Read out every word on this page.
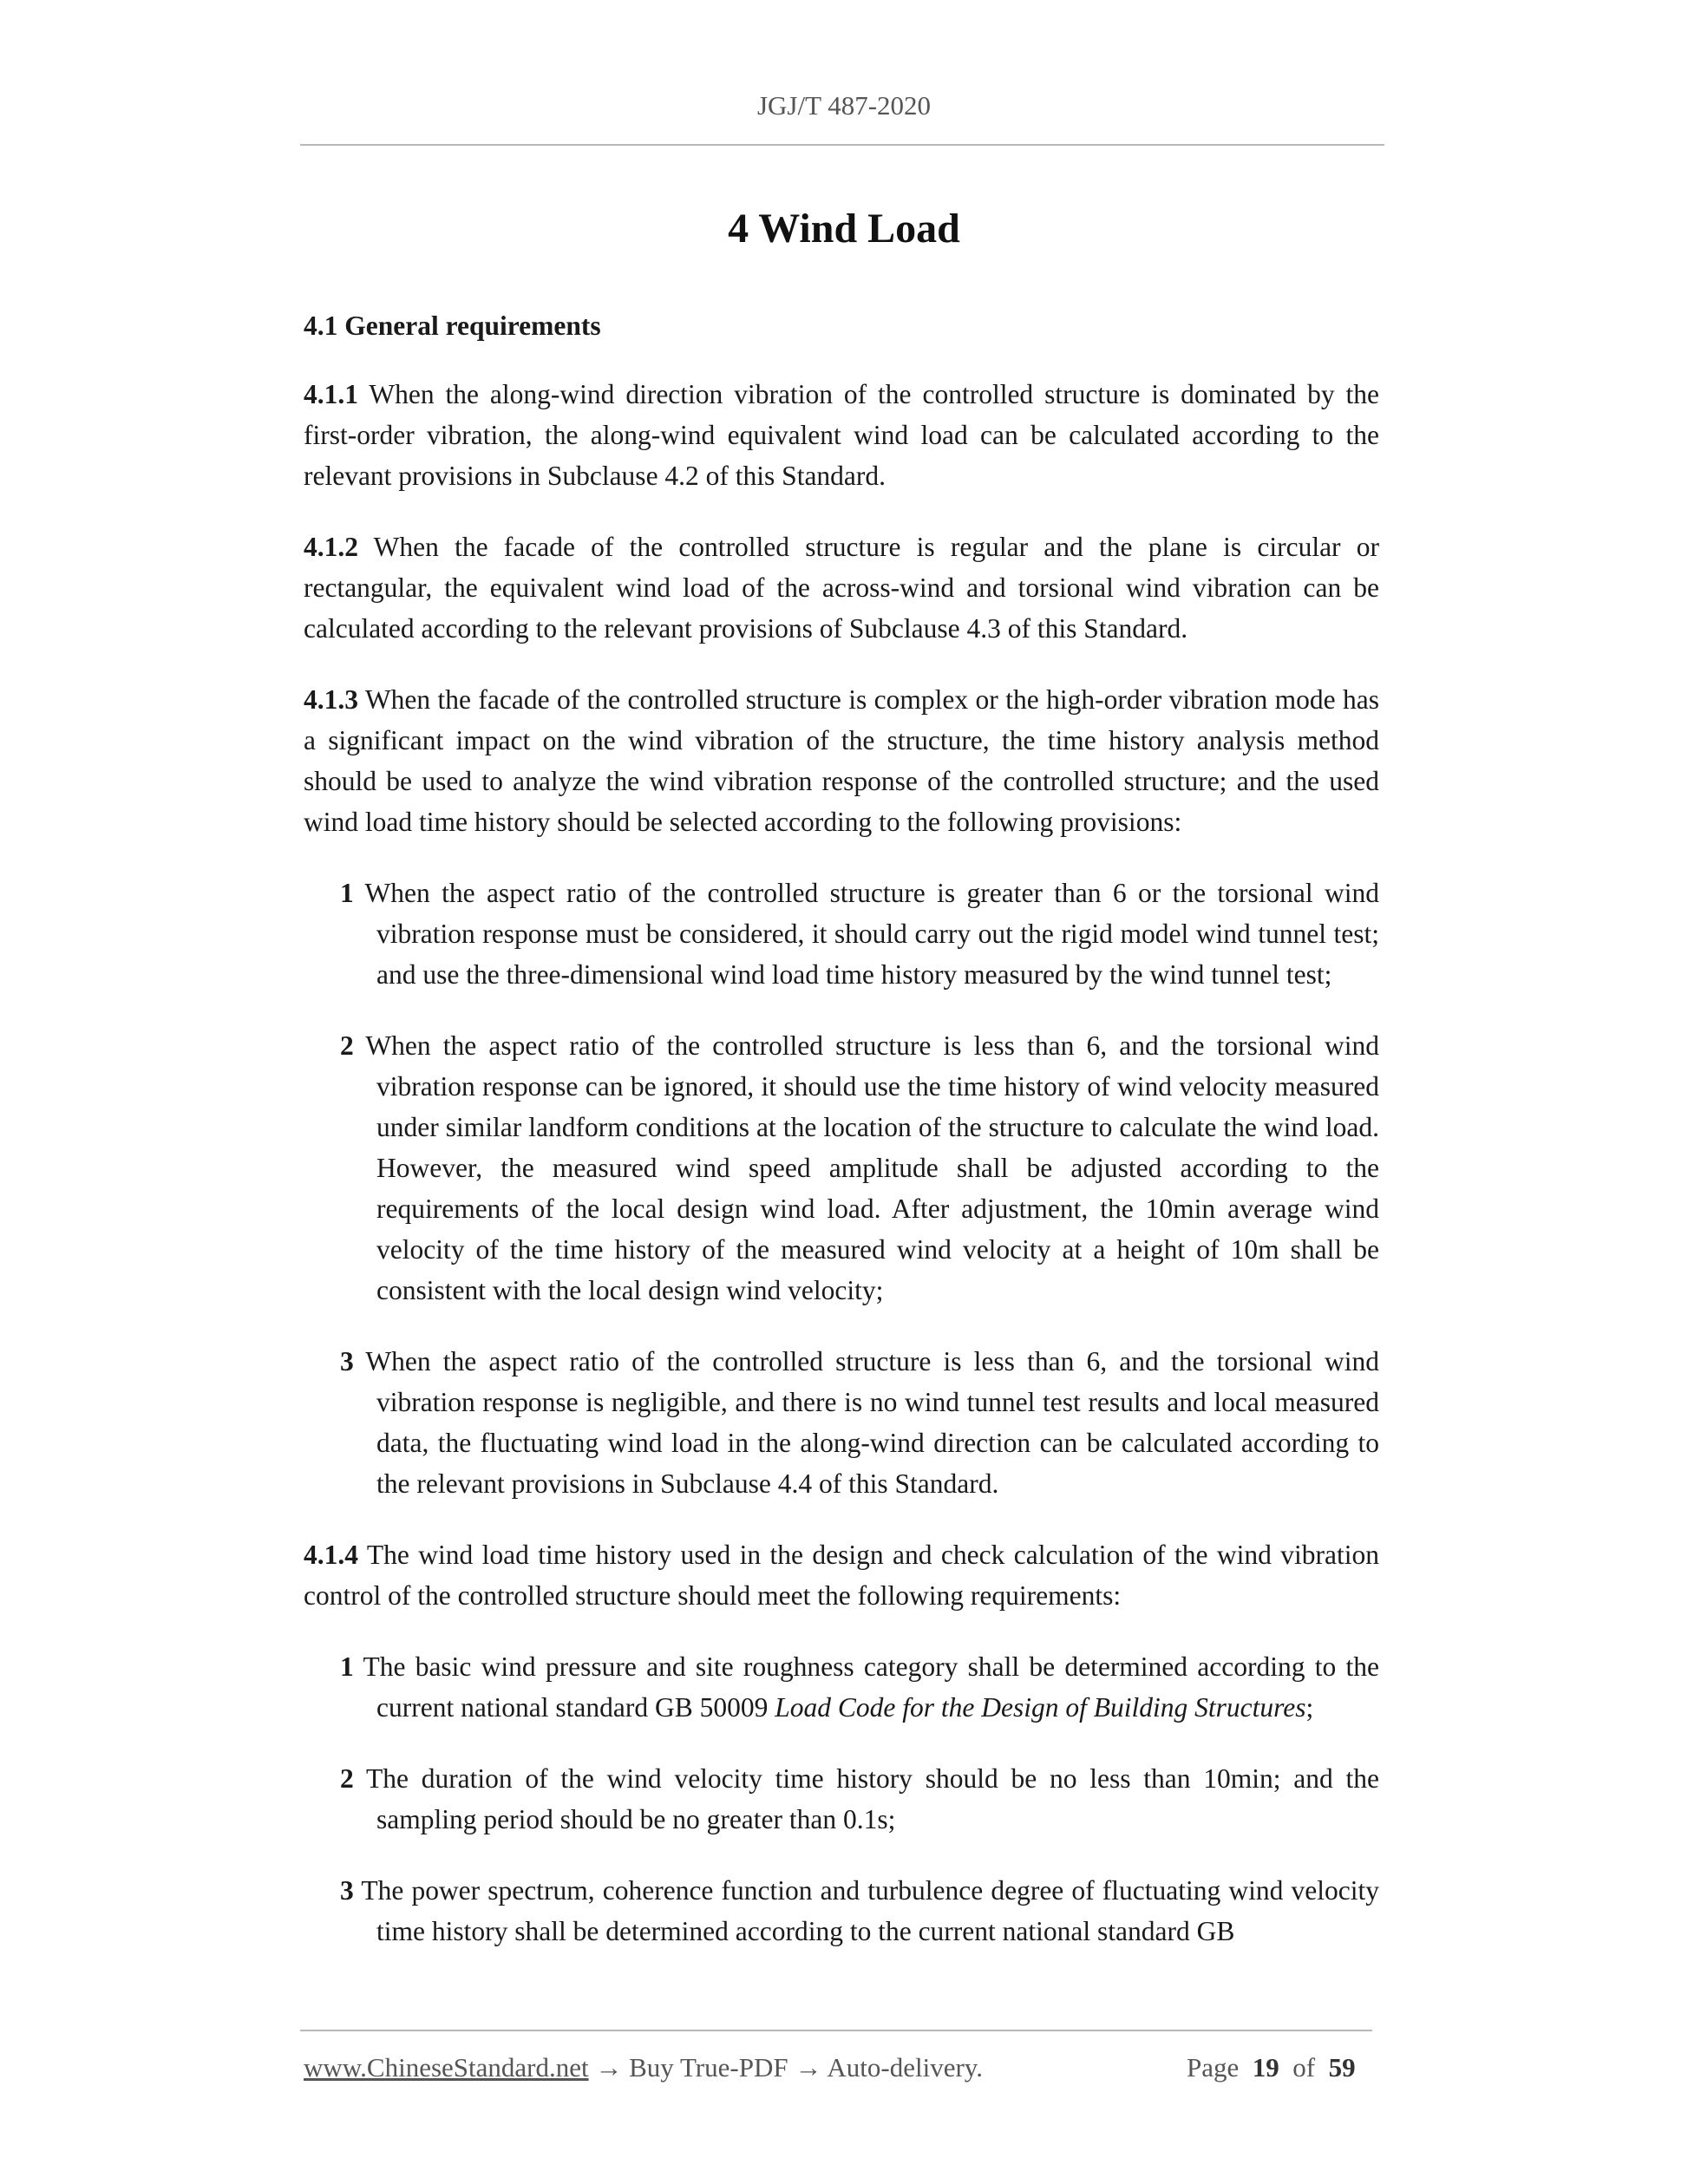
JGJ/T 487-2020
4 Wind Load
4.1 General requirements

4.1.1 When the along-wind direction vibration of the controlled structure is dominated by the first-order vibration, the along-wind equivalent wind load can be calculated according to the relevant provisions in Subclause 4.2 of this Standard.

4.1.2 When the facade of the controlled structure is regular and the plane is circular or rectangular, the equivalent wind load of the across-wind and torsional wind vibration can be calculated according to the relevant provisions of Subclause 4.3 of this Standard.

4.1.3 When the facade of the controlled structure is complex or the high-order vibration mode has a significant impact on the wind vibration of the structure, the time history analysis method should be used to analyze the wind vibration response of the controlled structure; and the used wind load time history should be selected according to the following provisions:

1 When the aspect ratio of the controlled structure is greater than 6 or the torsional wind vibration response must be considered, it should carry out the rigid model wind tunnel test; and use the three-dimensional wind load time history measured by the wind tunnel test;

2 When the aspect ratio of the controlled structure is less than 6, and the torsional wind vibration response can be ignored, it should use the time history of wind velocity measured under similar landform conditions at the location of the structure to calculate the wind load. However, the measured wind speed amplitude shall be adjusted according to the requirements of the local design wind load. After adjustment, the 10min average wind velocity of the time history of the measured wind velocity at a height of 10m shall be consistent with the local design wind velocity;

3 When the aspect ratio of the controlled structure is less than 6, and the torsional wind vibration response is negligible, and there is no wind tunnel test results and local measured data, the fluctuating wind load in the along-wind direction can be calculated according to the relevant provisions in Subclause 4.4 of this Standard.

4.1.4 The wind load time history used in the design and check calculation of the wind vibration control of the controlled structure should meet the following requirements:

1 The basic wind pressure and site roughness category shall be determined according to the current national standard GB 50009 Load Code for the Design of Building Structures;

2 The duration of the wind velocity time history should be no less than 10min; and the sampling period should be no greater than 0.1s;

3 The power spectrum, coherence function and turbulence degree of fluctuating wind velocity time history shall be determined according to the current national standard GB

www.ChineseStandard.net → Buy True-PDF → Auto-delivery.	Page 19 of 59
